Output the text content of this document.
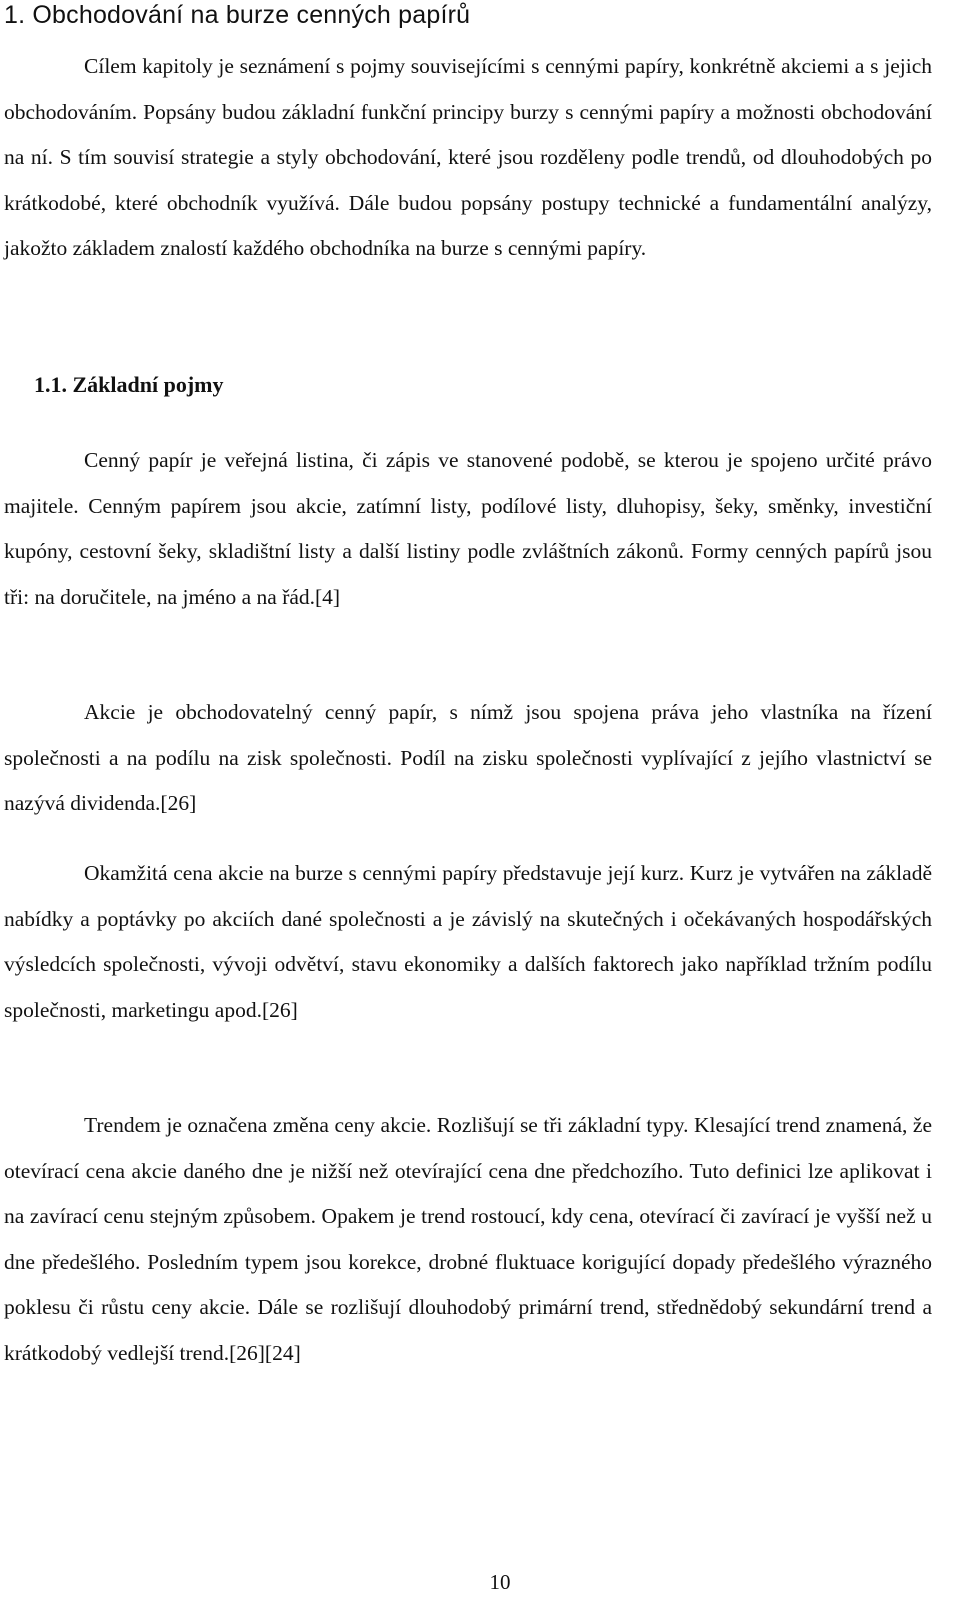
1. Obchodování na burze cenných papírů

Cílem kapitoly je seznámení s pojmy souvisejícími s cennými papíry, konkrétně akciemi a s jejich obchodováním. Popsány budou základní funkční principy burzy s cennými papíry a možnosti obchodování na ní. S tím souvisí strategie a styly obchodování, které jsou rozděleny podle trendů, od dlouhodobých po krátkodobé, které obchodník využívá. Dále budou popsány postupy technické a fundamentální analýzy, jakožto základem znalostí každého obchodníka na burze s cennými papíry.

1.1. Základní pojmy

Cenný papír je veřejná listina, či zápis ve stanovené podobě, se kterou je spojeno určité právo majitele. Cenným papírem jsou akcie, zatímní listy, podílové listy, dluhopisy, šeky, směnky, investiční kupóny, cestovní šeky, skladištní listy a další listiny podle zvláštních zákonů. Formy cenných papírů jsou tři: na doručitele, na jméno a na řád.[4]

Akcie je obchodovatelný cenný papír, s nímž jsou spojena práva jeho vlastníka na řízení společnosti a na podílu na zisk společnosti. Podíl na zisku společnosti vyplívající z jejího vlastnictví se nazývá dividenda.[26]

Okamžitá cena akcie na burze s cennými papíry představuje její kurz. Kurz je vytvářen na základě nabídky a poptávky po akciích dané společnosti a je závislý na skutečných i očekávaných hospodářských výsledcích společnosti, vývoji odvětví, stavu ekonomiky a dalších faktorech jako například tržním podílu společnosti, marketingu apod.[26]

Trendem je označena změna ceny akcie. Rozlišují se tři základní typy. Klesající trend znamená, že otevírací cena akcie daného dne je nižší než otevírající cena dne předchozího. Tuto definici lze aplikovat i na zavírací cenu stejným způsobem. Opakem je trend rostoucí, kdy cena, otevírací či zavírací je vyšší než u dne předešlého. Posledním typem jsou korekce, drobné fluktuace korigující dopady předešlého výrazného poklesu či růstu ceny akcie. Dále se rozlišují dlouhodobý primární trend, střednědobý sekundární trend a krátkodobý vedlejší trend.[26][24]

10
